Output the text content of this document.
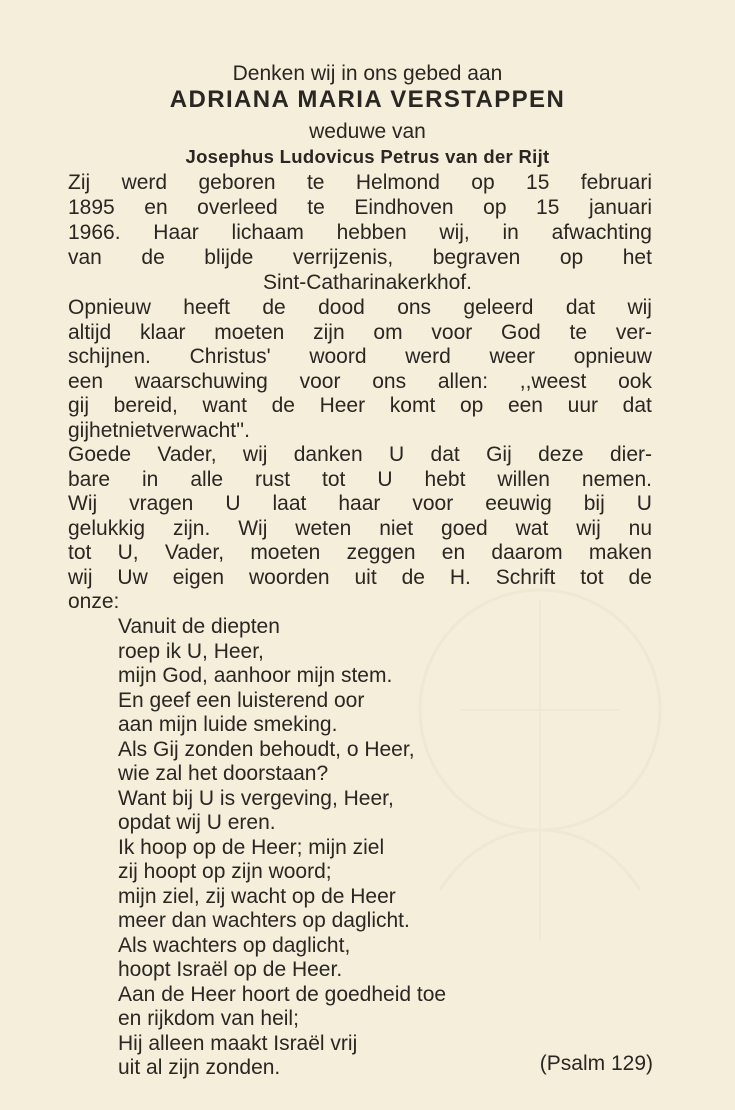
Denken wij in ons gebed aan
ADRIANA MARIA VERSTAPPEN
weduwe van
Josephus Ludovicus Petrus van der Rijt
Zij werd geboren te Helmond op 15 februari
1895 en overleed te Eindhoven op 15 januari
1966. Haar lichaam hebben wij, in afwachting
van de blijde verrijzenis, begraven op het
Sint-Catharinakerkhof.
Opnieuw heeft de dood ons geleerd dat wij
altijd klaar moeten zijn om voor God te ver-
schijnen. Christus' woord werd weer opnieuw
een waarschuwing voor ons allen: ,,weest ook
gij bereid, want de Heer komt op een uur dat
gijhetnietverwacht''.
Goede Vader, wij danken U dat Gij deze dier-
bare in alle rust tot U hebt willen nemen.
Wij vragen U laat haar voor eeuwig bij U
gelukkig zijn. Wij weten niet goed wat wij nu
tot U, Vader, moeten zeggen en daarom maken
wij Uw eigen woorden uit de H. Schrift tot de
onze:
Vanuit de diepten
roep ik U, Heer,
mijn God, aanhoor mijn stem.
En geef een luisterend oor
aan mijn luide smeking.
Als Gij zonden behoudt, o Heer,
wie zal het doorstaan?
Want bij U is vergeving, Heer,
opdat wij U eren.
Ik hoop op de Heer; mijn ziel
zij hoopt op zijn woord;
mijn ziel, zij wacht op de Heer
meer dan wachters op daglicht.
Als wachters op daglicht,
hoopt Israël op de Heer.
Aan de Heer hoort de goedheid toe
en rijkdom van heil;
Hij alleen maakt Israël vrij
uit al zijn zonden.	(Psalm 129)
